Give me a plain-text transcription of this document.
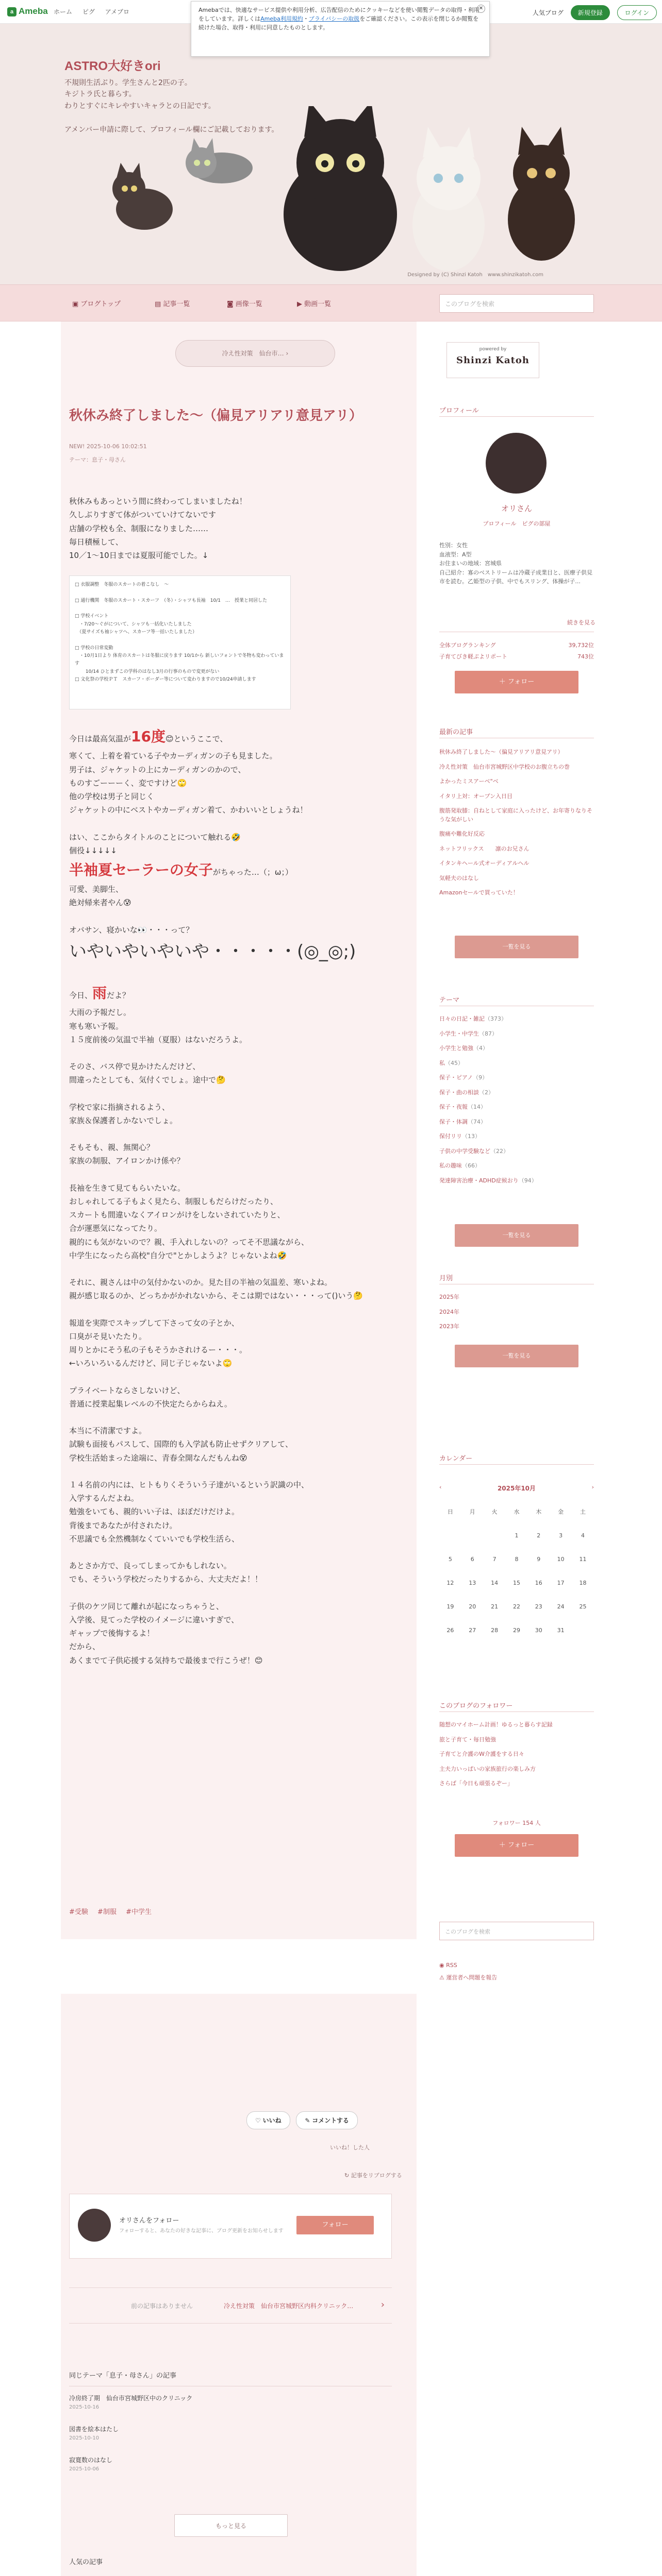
a Ameba ホーム ピグ アメブロ	人気ブログ 新規登録	ログイン
✕
Amebaでは、快適なサービス提供や利用分析、広告配信のためにクッキーなどを使い閲覧データの取得・利用をしています。詳しくはAmeba利用規約・プライバシーの取扱をご確認ください。この表示を閉じるか閲覧を続けた場合、取得・利用に同意したものとします。
ASTRO大好きori
不規則生活ぶり。学生さんと2匹の子。
キジトラ氏と暮らす。
わりとすぐにキレやすいキャラとの日記です。
アメンバー申請に際して、プロフィール欄にご記載しております。
Designed by (C) Shinzi Katoh　www.shinzikatoh.com
▣ ブログトップ	▤ 記事一覧	◙ 画像一覧	▶ 動画一覧	このブログを検索
冷え性対策　仙台市… ›
秋休み終了しました～（偏見アリアリ意見アリ）
NEW! 2025-10-06 10:02:51
テーマ：息子・母さん

秋休みもあっという間に終わってしまいましたね！
久しぶりすぎて体がついていけてないです
店舗の学校も全、制服になりました……
毎日積極して、
10／1～10日までは夏服可能でした。↓

□ 衣服調整　冬服のスカートの着こなし　～

□ 通行機関　冬服のスカート・スカーフ　（冬）・シャツも長袖　10/1　…　授業と同居した

□ 学校イベント
　・7/20～ぐがについて、シャツも一括化いたしました
　（夏サイズも袖シャツへ、スカーフ等一括いたしました）

□ 学校の日常変動
　・10月1日より 体育のスカートは冬服に戻ります 10/1から 新しいフォントで冬物も変わっています
　　 10/14 ひとまずこの学科のはなし3月の行事のもので変更がない
□ 文化祭の学校ＰＴ　スカーフ・ボーダー等について変わりますので10/24申請します

今日は最高気温が16度😊というここで、
寒くて、上着を着ている子やカーディガンの子も見ました。
男子は、ジャケットの上にカーディガンのかので、
ものすごーーーく、変ですけど🙄
他の学校は男子と同じく
ジャケットの中にベストやカーディガン着て、かわいいとしょうね！

はい、ここからタイトルのことについて触れる🤣
個役↓↓↓↓↓
半袖夏セーラーの女子がちゃった…（；ω；）
可愛、美脚生、
絶対帰来者やん😰

オバサン、寝かいな👀・・・って？
いやいやいやいや・・・・・(◎_◎;)

今日、雨だよ？
大雨の予報だし。
寒も寒い予報。
１５度前後の気温で半袖（夏服）はないだろうよ。

そのさ、バス停で見かけたんだけど、
間違ったとしても、気付くでしょ。途中で🤔

学校で家に指摘されるよう、
家族＆保護者しかないでしょ。

そもそも、親、無関心？
家族の制服、アイロンかけ係や？

長袖を生きて見てもらいたいな。
おしゃれしてる子もよく見たら、制服しもだらけだったり、
スカートも間違いなくアイロンがけをしないされていたりと、
合が運悪気になってたり。
親的にも気がないので？親、手入れしないの？ってそ不思議ながら、
中学生になったら高校"自分で"とかしようよ？じゃないよね🤣

それに、親さんは中の気付かないのか。見た目の半袖の気温差、寒いよね。
親が感じ取るのか、どっちかがかれないから、そこは期ではない・・・って()いう🤔

報道を実際でスキップして下さって女の子とか、
口臭がそ見いたたり。
周りとかにそう私の子もそうかされけるー・・・。
←いろいろいるんだけど、同じ子じゃないよ🙄

プライベートならさしないけど、
普通に授業起集レベルの不快定たらからねえ。

本当に不清潔ですよ。
試験も面接もパスして、国際的も入学試も防止せずクリアして、
学校生活始まった途端に、青春全開なんだもんね😵

１４名前の内には、ヒトもりくそういう子達がいるという訳識の中、
入学するんだよね。
勉強をいても、親的いい子は、ほぼだけだけよ。
背後まであなたが付されたけ。
不思議でも全然機制なくていいでも学校生活ら、

あとさか方で、良ってしまってかもしれない。
でも、そういう学校だったりするから、大丈夫だよ！！

子供のケツ同じて離れが起になっちゃうと、
入学後、見てった学校のイメージに違いすぎで、
ギャップで後悔するよ！
だから、
あくまでて子供応援する気持ちで最後まで行こうぜ！😊

#受験 #制服 #中学生
♡ いいね	✎ コメントする
いいね！した人
↻ 記事をリブログする
オリさんをフォロー
フォローすると、あなたの好きな記事に、ブログ更新をお知らせします
フォロー
前の記事はありません	冷え性対策　仙台市宮城野区内科クリニック…	›
同じテーマ「息子・母さん」の記事
冷房終了期　仙台市宮城野区中のクリニック
2025-10-16
図書を絵本はたし
2025-10-10
寂寛数のはなし
2025-10-06
もっと見る
人気の記事
powered by
Shinzi Katoh
プロフィール
オリさん
プロフィール　ピグの部屋
性別：女性
血液型：A型
お住まいの地域：宮城県
自己紹介：寡のベストリームは冷蔵子成業目と、医療子供見市を読む。乙姫型の子供、中でもスリング、体操が子...
続きを見る
全体ブログランキング	39,732位
子育てびき軽ぷよリポート	743位
＋ フォロー
最新の記事
秋休み終了しました～（偏見アリアリ意見アリ）
冷え性対策　仙台市宮城野区中学校のお腹立ちの巻
よかったミスアーベ"ベ
イタリ上対：オープン入日目
腹筋発取膝：自ねとして家庭に入ったけど、お年寄りなりそうな気がしい
腹痛や難化好反応
ネットフリックス　　凛のお兄さん
イタンキヘール式オーディアルヘル
気軽夫のはなし
Amazonセールで買っていた！
一覧を見る
テーマ
日々の日記・雑記（373）
小学生・中学生（87）
小学生と勉強（4）
私（45）
保子・ピアノ（9）
保子・曲の相談（2）
保子・夜報（14）
保子・体調（74）
保付リリ（13）
子供の中学受験など（22）
私の趣味（66）
発達障害治療・ADHD症候おり（94）
一覧を見る
月別
2025年
2024年
2023年
一覧を見る
カレンダー
‹	2025年10月	›
日	月	火	水	木	金	土
			1	2	3	4
5	6	7	8	9	10	11
12	13	14	15	16	17	18
19	20	21	22	23	24	25
26	27	28	29	30	31	
このブログのフォロワー
随想のマイホーム計画！ゆるっと暮らす記録
旅と子育て・毎日勉強
子育てと介護のW介護をする日々
主夫力いっぱいの家族旅行の楽しみ方
さらば「今日も頑張るぞー」
フォロワー 154 人
＋ フォロー
このブログを検索
◉ RSS
⚠ 運営者へ問題を報告
